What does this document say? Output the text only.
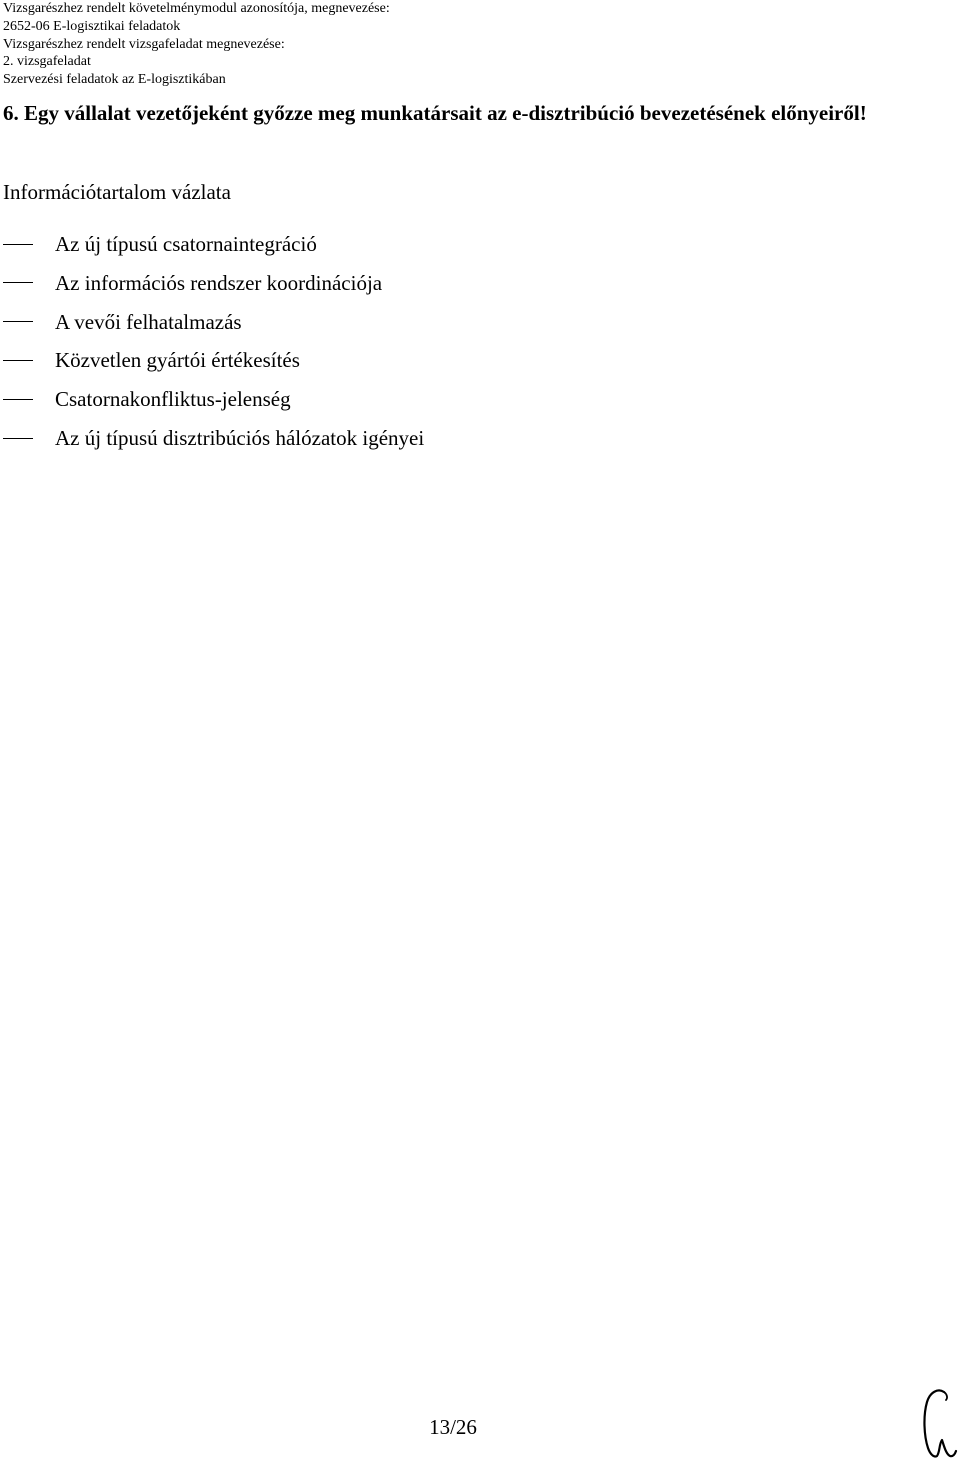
Vizsgarészhez rendelt követelménymodul azonosítója, megnevezése:
2652-06 E-logisztikai feladatok
Vizsgarészhez rendelt vizsgafeladat megnevezése:
2. vizsgafeladat
Szervezési feladatok az E-logisztikában
6. Egy vállalat vezetőjeként győzze meg munkatársait az e-disztribúció bevezetésének előnyeiről!
Információtartalom vázlata
Az új típusú csatornaintegráció
Az információs rendszer koordinációja
A vevői felhatalmazás
Közvetlen gyártói értékesítés
Csatornakonfliktus-jelenség
Az új típusú disztribúciós hálózatok igényei
13/26
